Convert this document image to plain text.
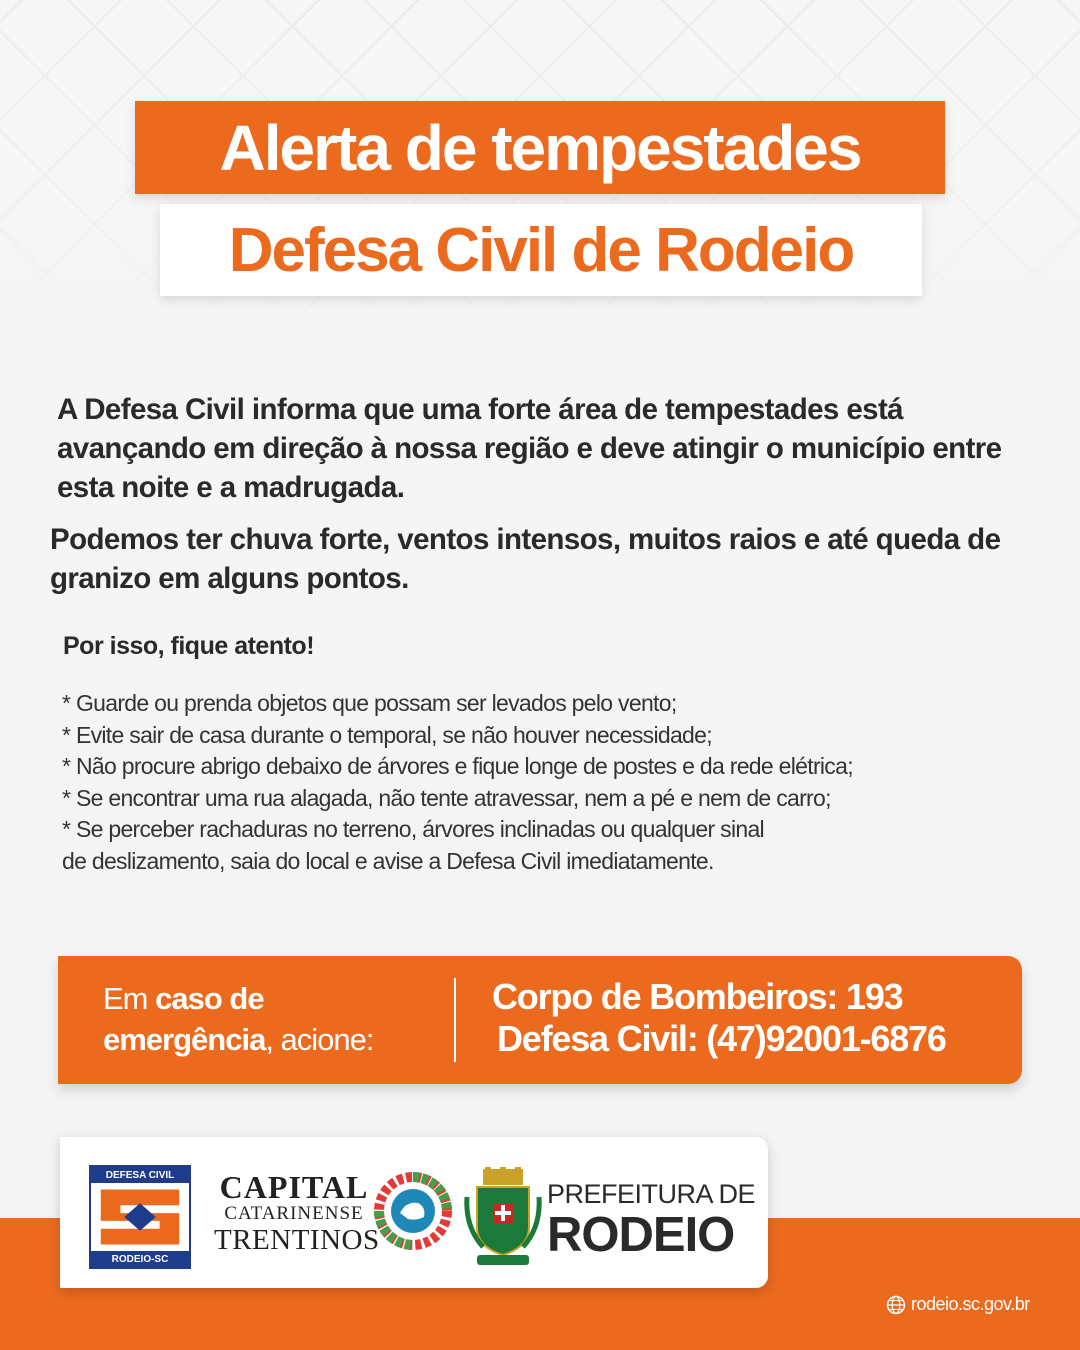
Alerta de tempestades
Defesa Civil de Rodeio

A Defesa Civil informa que uma forte área de tempestades está avançando em direção à nossa região e deve atingir o município entre esta noite e a madrugada.

Podemos ter chuva forte, ventos intensos, muitos raios e até queda de granizo em alguns pontos.

Por isso, fique atento!
* Guarde ou prenda objetos que possam ser levados pelo vento;
* Evite sair de casa durante o temporal, se não houver necessidade;
* Não procure abrigo debaixo de árvores e fique longe de postes e da rede elétrica;
* Se encontrar uma rua alagada, não tente atravessar, nem a pé e nem de carro;
* Se perceber rachaduras no terreno, árvores inclinadas ou qualquer sinal
de deslizamento, saia do local e avise a Defesa Civil imediatamente.
Em caso de
emergência, acione:
Corpo de Bombeiros: 193
Defesa Civil: (47)92001-6876
DEFESA CIVIL
RODEIO-SC
CAPITAL
CATARINENSE
TRENTINOS
PREFEITURA DE
RODEIO
rodeio.sc.gov.br
